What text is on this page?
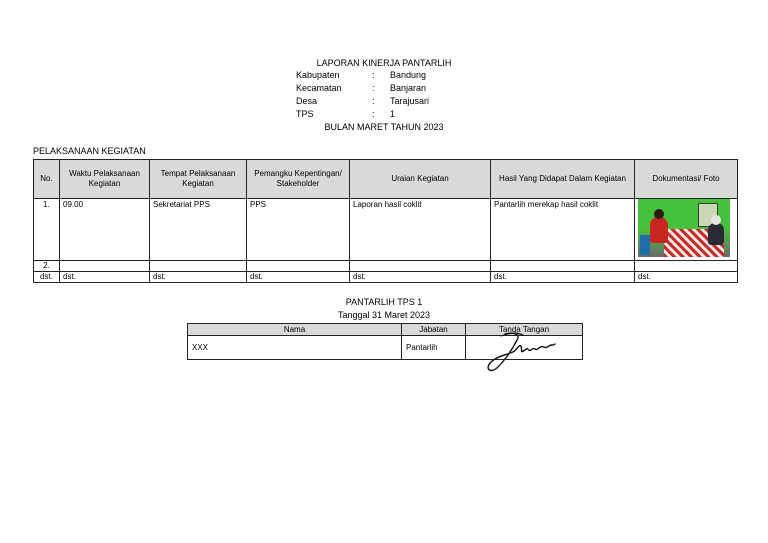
LAPORAN KINERJA PANTARLIH
Kabupaten	:	Bandung
Kecamatan	:	Banjaran
Desa	:	Tarajusari
TPS	:	1
BULAN MARET TAHUN 2023
PELAKSANAAN KEGIATAN
No.	Waktu Pelaksanaan Kegiatan	Tempat Pelaksanaan Kegiatan	Pemangku Kepentingan/ Stakeholder	Uraian Kegiatan	Hasil Yang Didapat Dalam Kegiatan	Dokumentasi/ Foto
1.	09.00	Sekretariat PPS	PPS	Laporan hasil coklit	Pantarlih merekap hasil coklit	

2.						
dst.	dst.	dst.	dst.	dst.	dst.	dst.
PANTARLIH TPS 1
Tanggal 31 Maret 2023
Nama	Jabatan	Tanda Tangan
XXX	Pantarlih	
